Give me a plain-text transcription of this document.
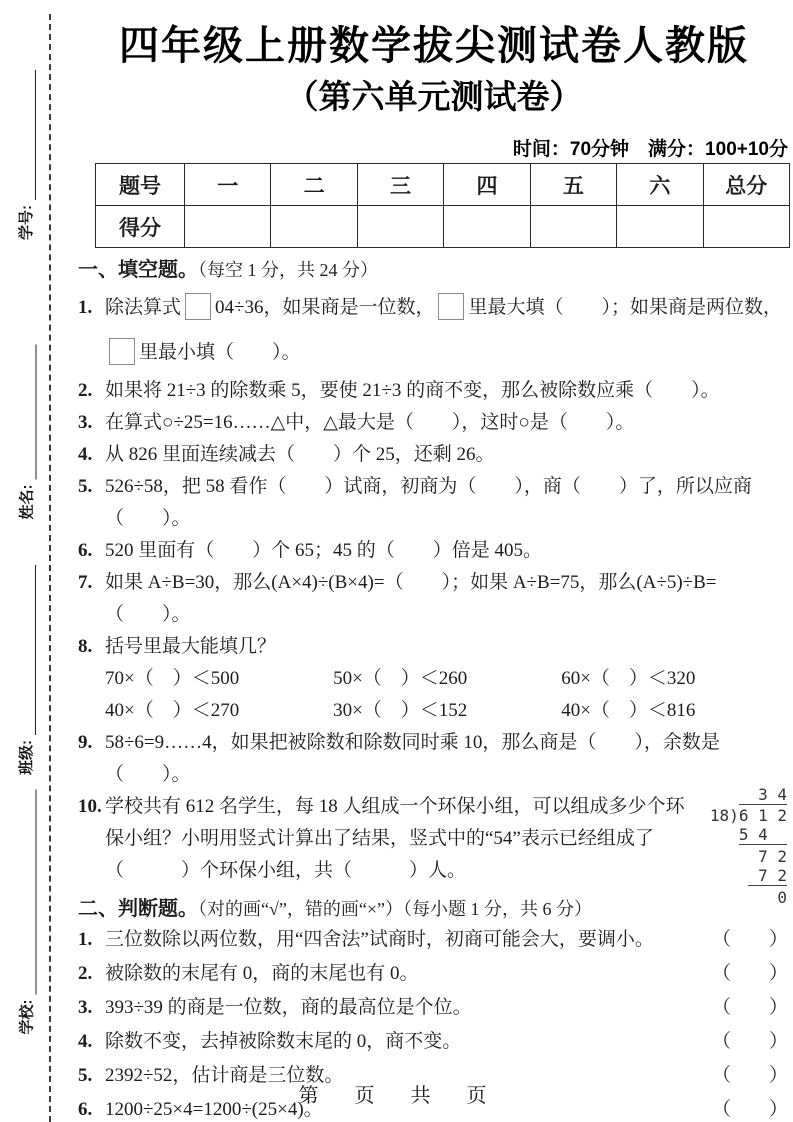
学号:
姓名:
班级:
学校:
四年级上册数学拔尖测试卷人教版
（第六单元测试卷）
时间：70分钟　满分：100+10分
题号	一	二	三	四	五	六	总分
得分							
一、填空题。（每空 1 分，共 24 分）
1. 除法算式 04÷36，如果商是一位数， 里最大填（　　）；如果商是两位数，
里最小填（　　）。
2. 如果将 21÷3 的除数乘 5，要使 21÷3 的商不变，那么被除数应乘（　　）。
3. 在算式○÷25=16……△中，△最大是（　　），这时○是（　　）。
4. 从 826 里面连续减去（　　）个 25，还剩 26。
5. 526÷58，把 58 看作（　　）试商，初商为（　　），商（　　）了，所以应商（　　）。
6. 520 里面有（　　）个 65；45 的（　　）倍是 405。
7. 如果 A÷B=30，那么(A×4)÷(B×4)=（　　）；如果 A÷B=75，那么(A÷5)÷B=（　　）。
8. 括号里最大能填几？
70×（　）＜500	50×（　）＜260	60×（　）＜320
40×（　）＜270	30×（　）＜152	40×（　）＜816
9. 58÷6=9……4，如果把被除数和除数同时乘 10，那么商是（　　），余数是（　　）。
10. 学校共有 612 名学生，每 18 人组成一个环保小组，可以组成多少个环保小组？小明用竖式计算出了结果，竖式中的“54”表示已经组成了（　　　）个环保小组，共（　　　）人。
3 4
18)6 1 2
5 4
7 2
7 2
0
二、判断题。（对的画“√”，错的画“×”）（每小题 1 分，共 6 分）
1. 三位数除以两位数，用“四舍法”试商时，初商可能会大，要调小。	（　　）
2. 被除数的末尾有 0，商的末尾也有 0。	（　　）
3. 393÷39 的商是一位数，商的最高位是个位。	（　　）
4. 除数不变，去掉被除数末尾的 0，商不变。	（　　）
5. 2392÷52，估计商是三位数。	（　　）
6. 1200÷25×4=1200÷(25×4)。	（　　）
第　页　共　页
